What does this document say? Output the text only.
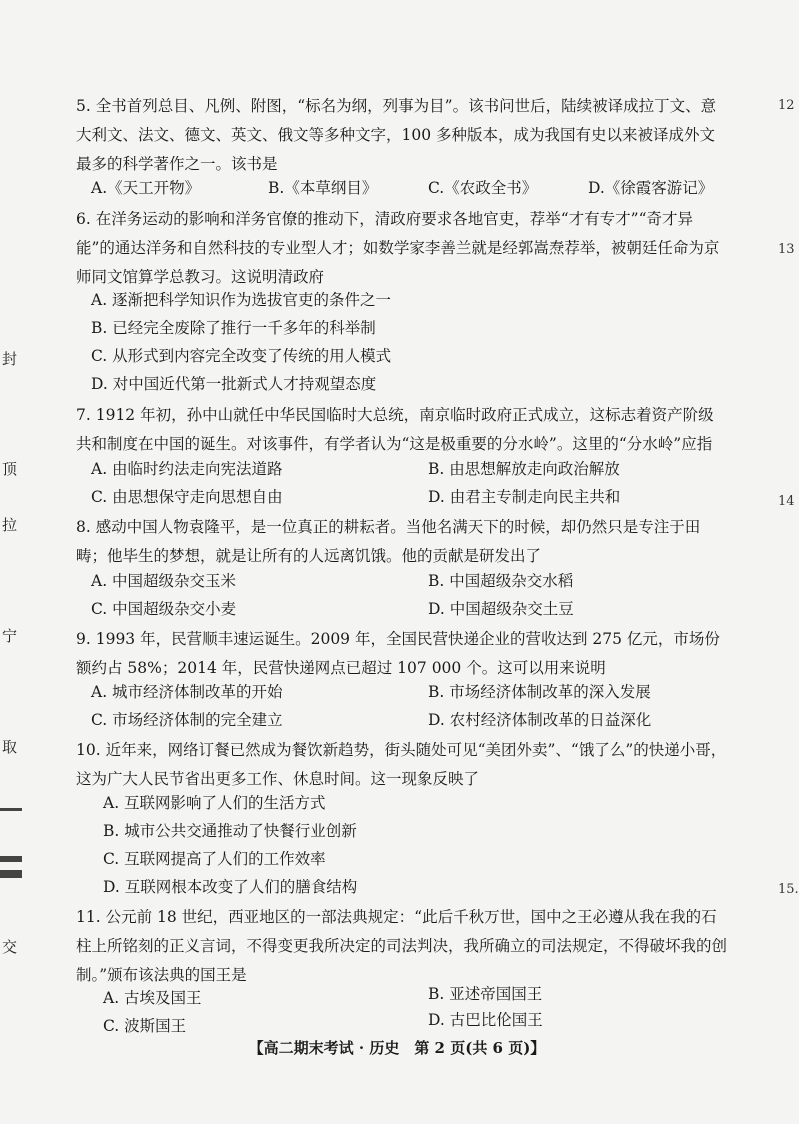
5. 全书首列总目、凡例、附图，“标名为纲，列事为目”。该书问世后，陆续被译成拉丁文、意大利文、法文、德文、英文、俄文等多种文字，100 多种版本，成为我国有史以来被译成外文最多的科学著作之一。该书是
A.《天工开物》	B.《本草纲目》	C.《农政全书》	D.《徐霞客游记》
6. 在洋务运动的影响和洋务官僚的推动下，清政府要求各地官吏，荐举“才有专才”“奇才异能”的通达洋务和自然科技的专业型人才；如数学家李善兰就是经郭嵩焘荐举，被朝廷任命为京师同文馆算学总教习。这说明清政府
A. 逐渐把科学知识作为选拔官吏的条件之一
B. 已经完全废除了推行一千多年的科举制
C. 从形式到内容完全改变了传统的用人模式
D. 对中国近代第一批新式人才持观望态度
7. 1912 年初，孙中山就任中华民国临时大总统，南京临时政府正式成立，这标志着资产阶级共和制度在中国的诞生。对该事件，有学者认为“这是极重要的分水岭”。这里的“分水岭”应指
A. 由临时约法走向宪法道路	B. 由思想解放走向政治解放
C. 由思想保守走向思想自由	D. 由君主专制走向民主共和
8. 感动中国人物袁隆平，是一位真正的耕耘者。当他名满天下的时候，却仍然只是专注于田畴；他毕生的梦想，就是让所有的人远离饥饿。他的贡献是研发出了
A. 中国超级杂交玉米	B. 中国超级杂交水稻
C. 中国超级杂交小麦	D. 中国超级杂交土豆
9. 1993 年，民营顺丰速运诞生。2009 年，全国民营快递企业的营收达到 275 亿元，市场份额约占 58%；2014 年，民营快递网点已超过 107 000 个。这可以用来说明
A. 城市经济体制改革的开始	B. 市场经济体制改革的深入发展
C. 市场经济体制的完全建立	D. 农村经济体制改革的日益深化
10. 近年来，网络订餐已然成为餐饮新趋势，街头随处可见“美团外卖”、“饿了么”的快递小哥，这为广大人民节省出更多工作、休息时间。这一现象反映了
A. 互联网影响了人们的生活方式
B. 城市公共交通推动了快餐行业创新
C. 互联网提高了人们的工作效率
D. 互联网根本改变了人们的膳食结构
11. 公元前 18 世纪，西亚地区的一部法典规定：“此后千秋万世，国中之王必遵从我在我的石柱上所铭刻的正义言词，不得变更我所决定的司法判决，我所确立的司法规定，不得破坏我的创制。”颁布该法典的国王是
A. 古埃及国王	B. 亚述帝国国王
C. 波斯国王	D. 古巴比伦国王
封
顶
拉
宁
取
交
12
13
14
15.
【高二期末考试 · 历史　第 2 页(共 6 页)】
